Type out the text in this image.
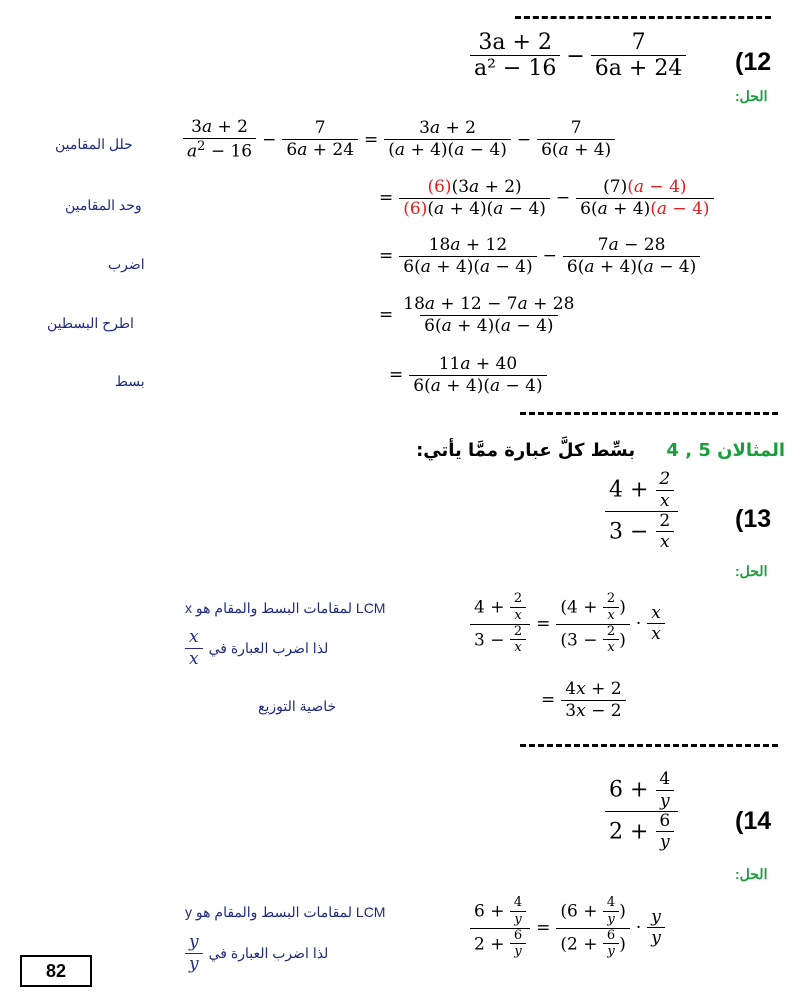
(12
$\frac{3a + 2}{\text{a² − 16}} - \frac{7}{6a + 24}$
الحل:
حلل المقامين	$\frac{3a + 2}{a^2 - 16} - \frac{7}{6a + 24} = \frac{3a + 2}{(a + 4)(a - 4)} - \frac{7}{6(a + 4)}$
وحد المقامين	= $\frac{(6)(3a + 2)}{(6)(a + 4)(a - 4)} - \frac{(7)(a - 4)}{6(a + 4)(a - 4)}$
اضرب	= $\frac{18a + 12}{6(a + 4)(a - 4)} - \frac{7a - 28}{6(a + 4)(a - 4)}$
اطرح البسطين	= $\frac{18a + 12 - 7a + 28}{6(a + 4)(a - 4)}$
بسط	= $\frac{11a + 40}{6(a + 4)(a - 4)}$
المثالان 5 , 4     بسِّط كلَّ عبارة ممَّا يأتي:
(13
$\frac{4 + \frac{2}{x}}{3 - \frac{2}{x}}$
الحل:
LCM لمقامات البسط والمقام هو x
لذا اضرب العبارة في
$\frac{x}{x}$	$\frac{4 + \frac{2}{x}}{3 - \frac{2}{x}} = \frac{(4 + \frac{2}{x} )}{(3 - \frac{2}{x} )} \cdot \frac{x}{x}$
خاصية التوزيع	= $\frac{4x + 2}{3x - 2}$
(14
$\frac{6 + \frac{4}{y}}{2 + \frac{6}{y}}$
الحل:
LCM لمقامات البسط والمقام هو y
لذا اضرب العبارة في
$\frac{y}{y}$	$\frac{6 + \frac{4}{y}}{2 + \frac{6}{y}} = \frac{(6 + \frac{4}{y} )}{(2 + \frac{6}{y} )} \cdot \frac{y}{y}$
82
